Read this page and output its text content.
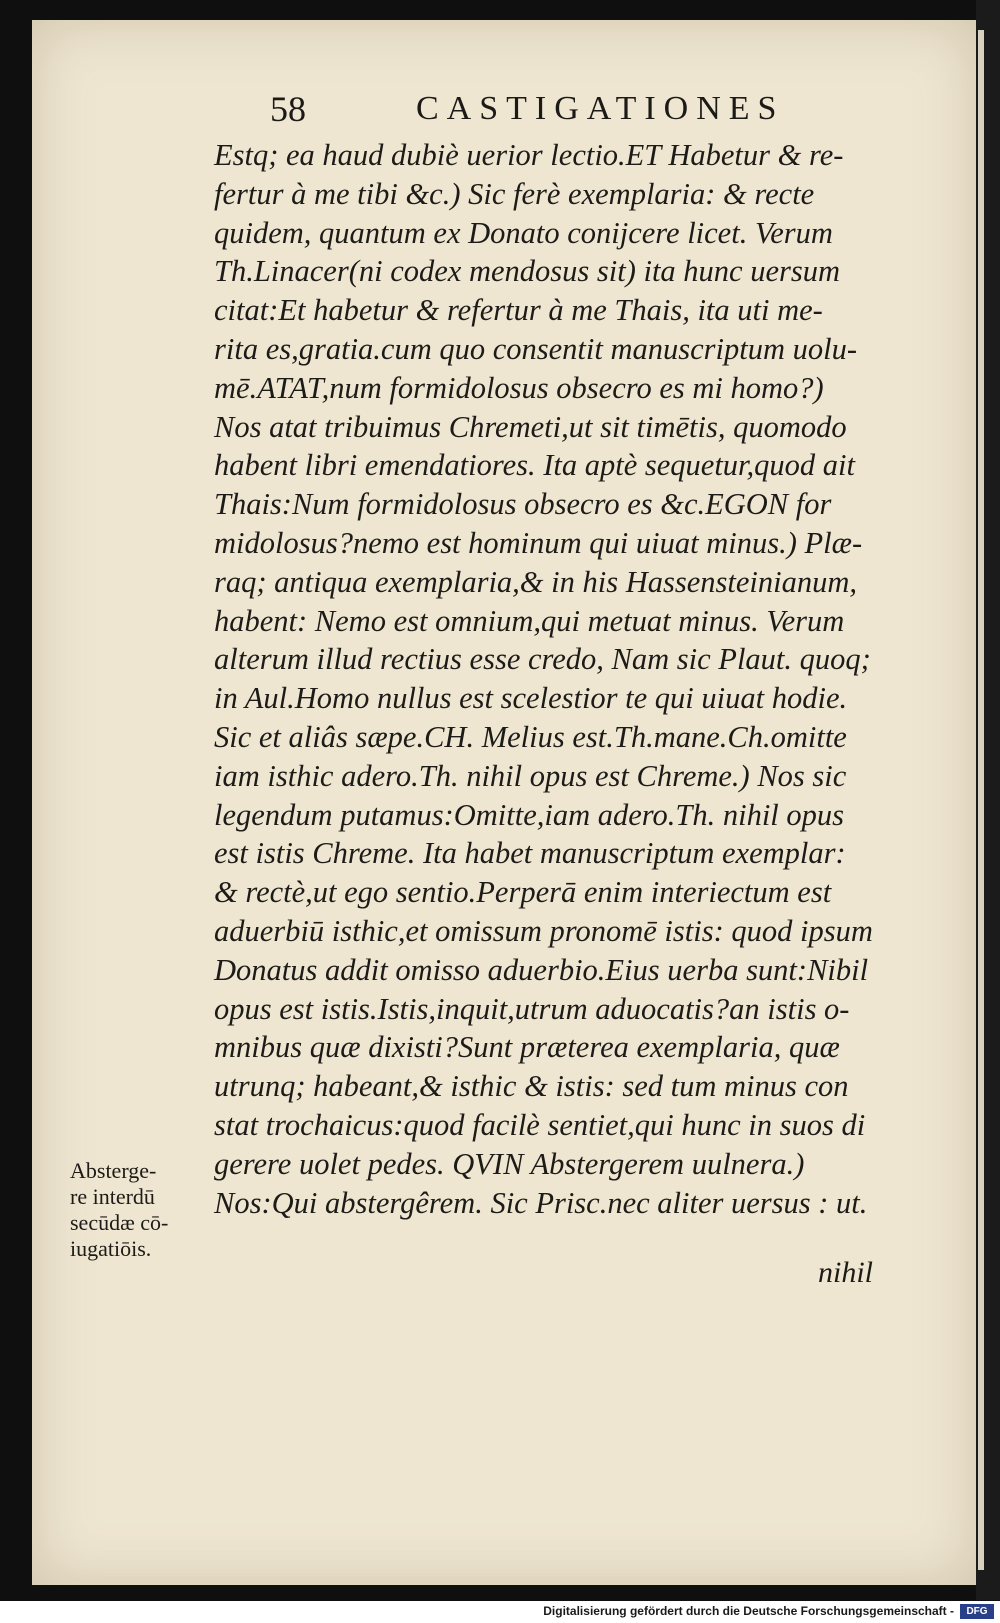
58	CASTIGATIONES
Estq; ea haud dubiè uerior lectio.ET Habetur & re-
fertur à me tibi &c.) Sic ferè exemplaria: & recte
quidem, quantum ex Donato conijcere licet. Verum
Th.Linacer(ni codex mendosus sit) ita hunc uersum
citat:Et habetur & refertur à me Thais, ita uti me-
rita es,gratia.cum quo consentit manuscriptum uolu-
mē.ATAT,num formidolosus obsecro es mi homo?)
Nos atat tribuimus Chremeti,ut sit timētis, quomodo
habent libri emendatiores. Ita aptè sequetur,quod ait
Thais:Num formidolosus obsecro es &c.EGON for
midolosus?nemo est hominum qui uiuat minus.) Plæ-
raq; antiqua exemplaria,& in his Hassensteinianum,
habent: Nemo est omnium,qui metuat minus. Verum
alterum illud rectius esse credo, Nam sic Plaut. quoq;
in Aul.Homo nullus est scelestior te qui uiuat hodie.
Sic et aliâs sæpe.CH. Melius est.Th.mane.Ch.omitte
iam isthic adero.Th. nihil opus est Chreme.) Nos sic
legendum putamus:Omitte,iam adero.Th. nihil opus
est istis Chreme. Ita habet manuscriptum exemplar:
& rectè,ut ego sentio.Perperā enim interiectum est
aduerbiū isthic,et omissum pronomē istis: quod ipsum
Donatus addit omisso aduerbio.Eius uerba sunt:Nibil
opus est istis.Istis,inquit,utrum aduocatis?an istis o-
mnibus quæ dixisti?Sunt præterea exemplaria, quæ
utrunq; habeant,& isthic & istis: sed tum minus con
stat trochaicus:quod facilè sentiet,qui hunc in suos di
gerere uolet pedes. QVIN Abstergerem uulnera.)
Nos:Qui abstergêrem. Sic Prisc.nec aliter uersus : ut.
nihil
Absterge-
re interdū
secūdæ cō-
iugatiōis.
Digitalisierung gefördert durch die Deutsche Forschungsgemeinschaft -	DFG
